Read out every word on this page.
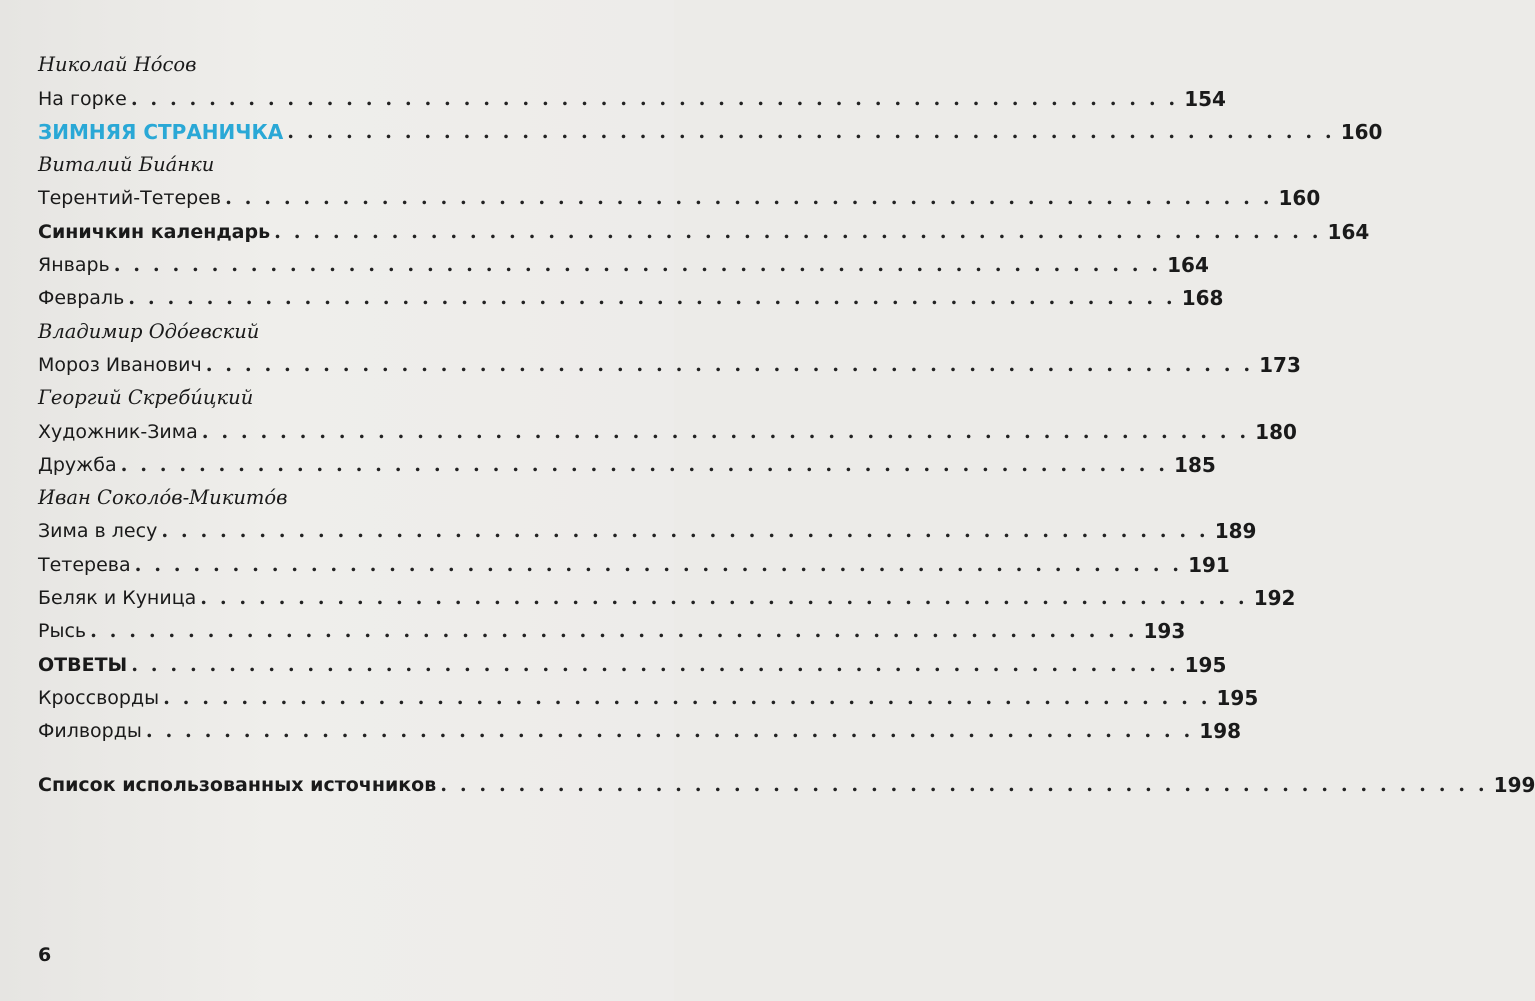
Николай Но́сов
На горке . . . . . . . . . . . . . . . . . . . . . . . . . . . . . . . . . . . . . . . . . . . . . . . . . . . . . . 154
ЗИМНЯЯ СТРАНИЧКА . . . . . . . . . . . . . . . . . . . . . . . . . . . . . . . . . . . . . . . . . . . . . . . . . . . . . . 160
Виталий Биа́нки
Терентий-Тетерев . . . . . . . . . . . . . . . . . . . . . . . . . . . . . . . . . . . . . . . . . . . . . . . . . . . . . . 160
Синичкин календарь . . . . . . . . . . . . . . . . . . . . . . . . . . . . . . . . . . . . . . . . . . . . . . . . . . . . . . 164
Январь . . . . . . . . . . . . . . . . . . . . . . . . . . . . . . . . . . . . . . . . . . . . . . . . . . . . . . 164
Февраль . . . . . . . . . . . . . . . . . . . . . . . . . . . . . . . . . . . . . . . . . . . . . . . . . . . . . . 168
Владимир Одо́евский
Мороз Иванович . . . . . . . . . . . . . . . . . . . . . . . . . . . . . . . . . . . . . . . . . . . . . . . . . . . . . . 173
Георгий Скреби́цкий
Художник-Зима . . . . . . . . . . . . . . . . . . . . . . . . . . . . . . . . . . . . . . . . . . . . . . . . . . . . . . 180
Дружба . . . . . . . . . . . . . . . . . . . . . . . . . . . . . . . . . . . . . . . . . . . . . . . . . . . . . . 185
Иван Соколо́в-Микито́в
Зима в лесу . . . . . . . . . . . . . . . . . . . . . . . . . . . . . . . . . . . . . . . . . . . . . . . . . . . . . . 189
Тетерева . . . . . . . . . . . . . . . . . . . . . . . . . . . . . . . . . . . . . . . . . . . . . . . . . . . . . . 191
Беляк и Куница . . . . . . . . . . . . . . . . . . . . . . . . . . . . . . . . . . . . . . . . . . . . . . . . . . . . . . 192
Рысь . . . . . . . . . . . . . . . . . . . . . . . . . . . . . . . . . . . . . . . . . . . . . . . . . . . . . . 193
ОТВЕТЫ . . . . . . . . . . . . . . . . . . . . . . . . . . . . . . . . . . . . . . . . . . . . . . . . . . . . . . 195
Кроссворды . . . . . . . . . . . . . . . . . . . . . . . . . . . . . . . . . . . . . . . . . . . . . . . . . . . . . . 195
Филворды . . . . . . . . . . . . . . . . . . . . . . . . . . . . . . . . . . . . . . . . . . . . . . . . . . . . . . 198
Список использованных источников . . . . . . . . . . . . . . . . . . . . . . . . . . . . . . . . . . . . . . . . . . . . . . . . . . . . . . 199
6
